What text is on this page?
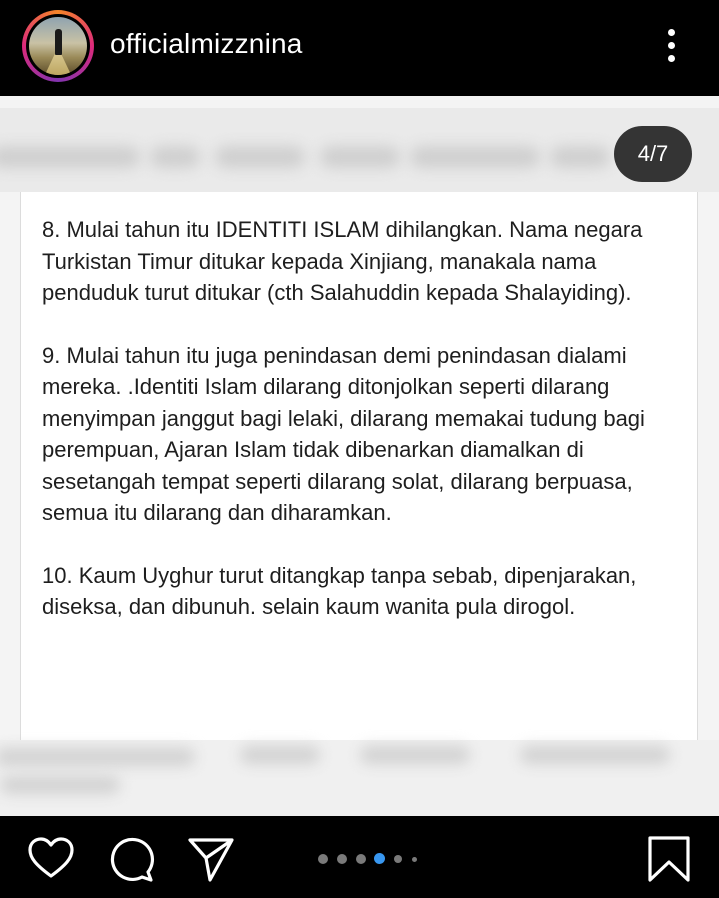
officialmizznina

8. Mulai tahun itu IDENTITI ISLAM dihilangkan. Nama negara Turkistan Timur ditukar kepada Xinjiang, manakala nama penduduk turut ditukar (cth Salahuddin kepada Shalayiding).

9. Mulai tahun itu juga penindasan demi penindasan dialami mereka. .Identiti Islam dilarang ditonjolkan seperti dilarang menyimpan janggut bagi lelaki, dilarang memakai tudung bagi perempuan, Ajaran Islam tidak dibenarkan diamalkan di sesetangah tempat seperti dilarang solat, dilarang berpuasa, semua itu dilarang dan diharamkan.

10. Kaum Uyghur turut ditangkap tanpa sebab, dipenjarakan, diseksa, dan dibunuh. selain kaum wanita pula dirogol.

4/7
